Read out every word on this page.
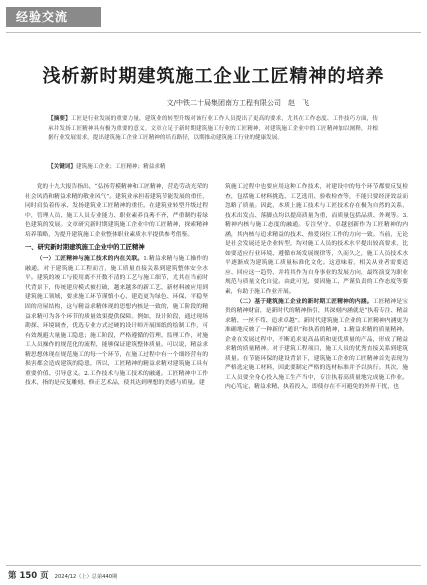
经验交流
浅析新时期建筑施工企业工匠精神的培养
文/中铁二十局集团南方工程有限公司　赵　飞
【摘要】工匠是行业发展的重要力量，建筑业的转型升级对该行业工作人员提出了更高的要求，尤其在工作态度、工作技巧方面，传承并发扬工匠精神具有极为重要的意义。文章立足于新时期建筑施工行业的工匠精神，对建筑施工企业中的工匠精神加以阐释，并根据行业发展需求，提出建筑施工企业工匠精神的培育路径，以期推动建筑施工行业的健康发展。
【关键词】建筑施工企业；工匠精神；精益求精

党的十九大报告指出，“弘扬劳模精神和工匠精神，营造劳动光荣的社会风尚和精益求精的敬业风气”。建筑业承担着建筑节能发展的重任，同时肩负着传承、发扬建筑业工匠精神的重任。在建筑业转型升级过程中，管理人员、施工人员专业能力、职业素养良莠不齐，严重制约着绿色建筑的发展。文章研究新时期建筑施工企业中的工匠精神，探索精神培养策略，为提升建筑施工企业整体职业素质水平提供参考借鉴。

一、研究新时期建筑施工企业中的工匠精神

（一）工匠精神与施工技术的内在关联。1.精益求精与施工操作的融通。对于建筑施工工程而言，施工质量直接关系到建筑整体安全水平。建筑的竣工与使用离不开数不清的工艺与施工细节，尤其在当前时代背景下，传统建房模式被打破，越来越多的新工艺、新材料被应用到建筑施工领域，要求施工环节谨慎小心、建造更为绿色、环保、平稳坚固的房屋结构，这与精益求精体现的思想内核是一致的，施工阶段的精益求精可为各个环节的质量效果提供保障。例如，设计阶段，通过现场勘探、环境调查，优选专业方式过硬的设计师开展图纸的绘制工作，可有效规避大量施工隐患；施工阶段，严格遵循的管理、监理工作，对施工人员操作的规范化的流程，能够保证建筑整体质量。可以说，精益求精思想体现在规范施工的每一个环节，在施工过程中有一个细经营有的损害都会造成建筑的隐患，所以，工匠精神的精益求精对建筑施工具有重要价值、引导意义。2.工作技术与施工技术的融通。工匠精神中工作技术，指的是反复雕刻、修正艺术品，使其达到理想的美感与质量。建

筑施工过程中也要应用这种工作技术，对建设中的每个环节都要反复检查，包括施工材料挑选、工艺选用、验收检查等，不能只要经济效益而忽略了质量。因此，本质上施工技术与工匠技术存在极为自然的关系，技术出发点、落脚点均以提高质量为重，而质量包括品质、外观等。3.精神内核与施工态度的融通。专注坚守、卓越创新作为工匠精神的内涵，其内核与追求精益的技术、热爱岗位工作的方向一致。当前，无论是社会发展还是企业转型，均对施工人员的技术水平提出较高要求，比如要适应行业环境、遵循市场发展规律等，久而久之，施工人员技术水平逐渐成为建筑施工质量标准化文化。这意味着，相关从业者需要适应、回应这一趋势，并将其作为自身事业的发展方向，最终演变为职业规范与质量文化自觉。由此可见，要因施工、严谨负责的工作态度等要素，有助于施工作业开展。

（二）基于建筑施工企业的新时期工匠精神的内涵。工匠精神是宝贵的精神财富，是新时代的精神指引，其深刻内涵就是“执着专注、精益求精、一丝不苟、追求卓越”。新时代建筑施工企业的工匠精神内涵更为准确地反映了一种新的“通识”和执着的精神，1.精益求精的质量精神。企业在发展过程中，不断追求更高品质和更优质量的产品，形成了精益求精的质量精神。对于建筑工程项目，施工人员的优秀直接关系到建筑质量。在节能环保的建设背景下，建筑施工企业的工匠精神首先表现为严格选定施工材料，因此要制定严格的选材标准并予以执行。其次，施工人员要全身心投入施工生产当中，专注执着高质量地完成施工作业。内心笃定、精益求精、执着投入，即使存在不可避免的外界干扰，也

第 150 页 2024/12（上）总第440期
